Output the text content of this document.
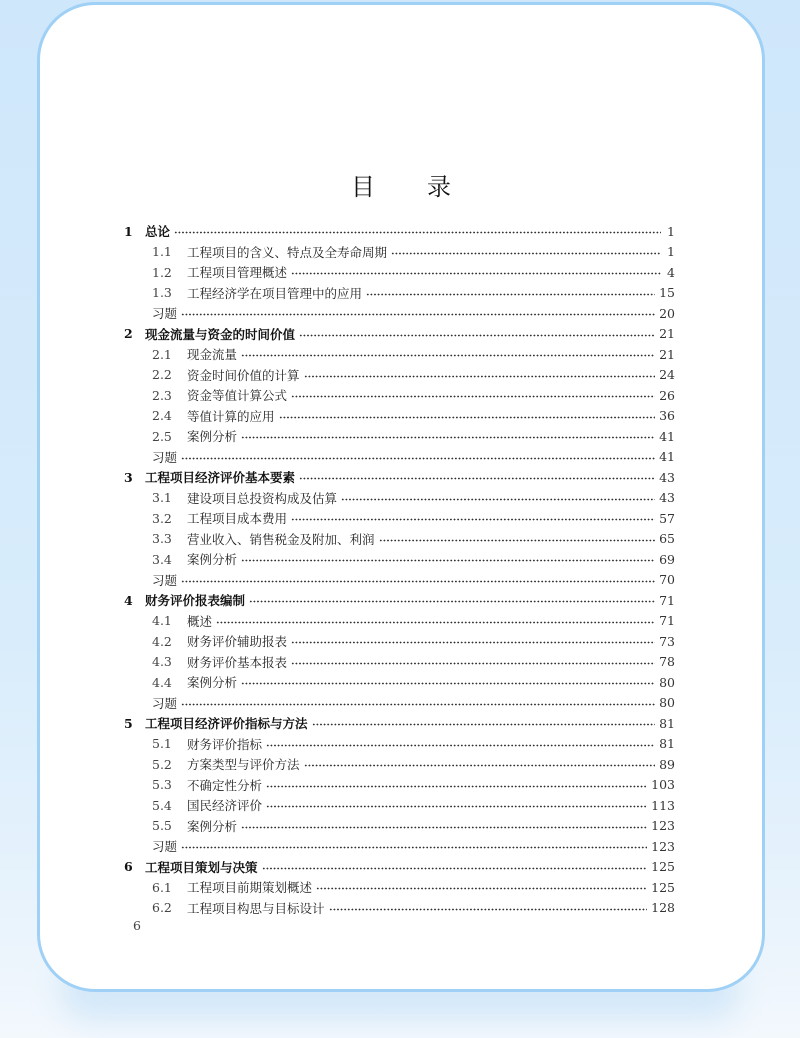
目 录
1 总论	1
1.1	工程项目的含义、特点及全寿命周期	1
1.2	工程项目管理概述	4
1.3	工程经济学在项目管理中的应用	15
习题	20
2 现金流量与资金的时间价值	21
2.1	现金流量	21
2.2	资金时间价值的计算	24
2.3	资金等值计算公式	26
2.4	等值计算的应用	36
2.5	案例分析	41
习题	41
3 工程项目经济评价基本要素	43
3.1	建设项目总投资构成及估算	43
3.2	工程项目成本费用	57
3.3	营业收入、销售税金及附加、利润	65
3.4	案例分析	69
习题	70
4 财务评价报表编制	71
4.1	概述	71
4.2	财务评价辅助报表	73
4.3	财务评价基本报表	78
4.4	案例分析	80
习题	80
5 工程项目经济评价指标与方法	81
5.1	财务评价指标	81
5.2	方案类型与评价方法	89
5.3	不确定性分析	103
5.4	国民经济评价	113
5.5	案例分析	123
习题	123
6 工程项目策划与决策	125
6.1	工程项目前期策划概述	125
6.2	工程项目构思与目标设计	128
6
